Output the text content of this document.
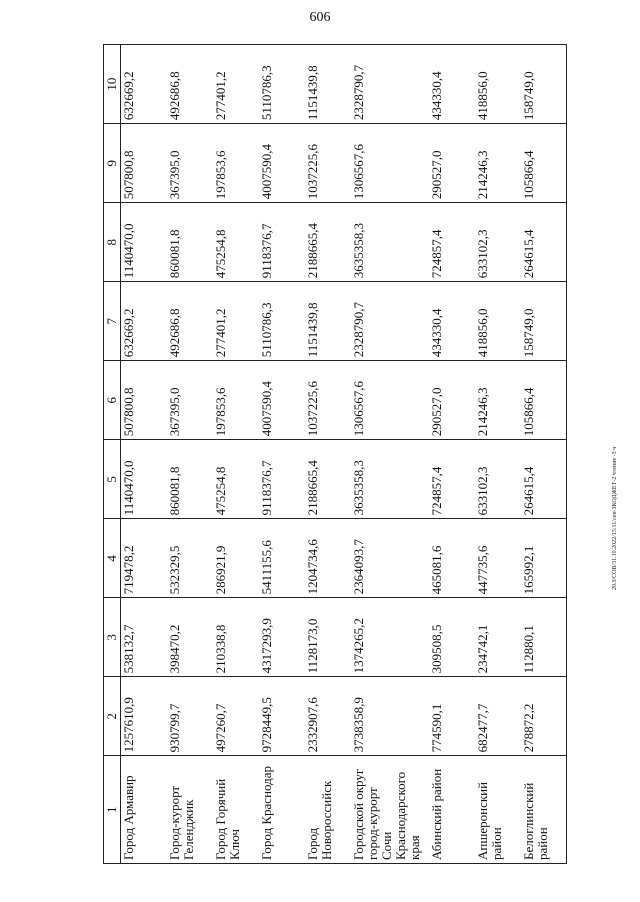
606
1	2	3	4	5	6	7	8	9	10
Город Армавир	1257610,9	538132,7	719478,2	1140470,0	507800,8	632669,2	1140470,0	507800,8	632669,2
Город-курорт Геленджик	930799,7	398470,2	532329,5	860081,8	367395,0	492686,8	860081,8	367395,0	492686,8
Город Горячий Ключ	497260,7	210338,8	286921,9	475254,8	197853,6	277401,2	475254,8	197853,6	277401,2
Город Краснодар	9728449,5	4317293,9	5411155,6	9118376,7	4007590,4	5110786,3	9118376,7	4007590,4	5110786,3
Город Новороссийск	2332907,6	1128173,0	1204734,6	2188665,4	1037225,6	1151439,8	2188665,4	1037225,6	1151439,8
Городской округ город-курорт Сочи Краснодарского края	3738358,9	1374265,2	2364093,7	3635358,3	1306567,6	2328790,7	3635358,3	1306567,6	2328790,7
Абинский район	774590,1	309508,5	465081,6	724857,4	290527,0	434330,4	724857,4	290527,0	434330,4
Апшеронский район	682477,7	234742,1	447735,6	633102,3	214246,3	418856,0	633102,3	214246,3	418856,0
Белоглинский район	278872,2	112880,1	165992,1	264615,4	105866,4	158749,0	264615,4	105866,4	158749,0
20.3/СОВ/31.10.2022/15:11/сен-ЗКОДЖЕТ-2 чтение -3 ч
